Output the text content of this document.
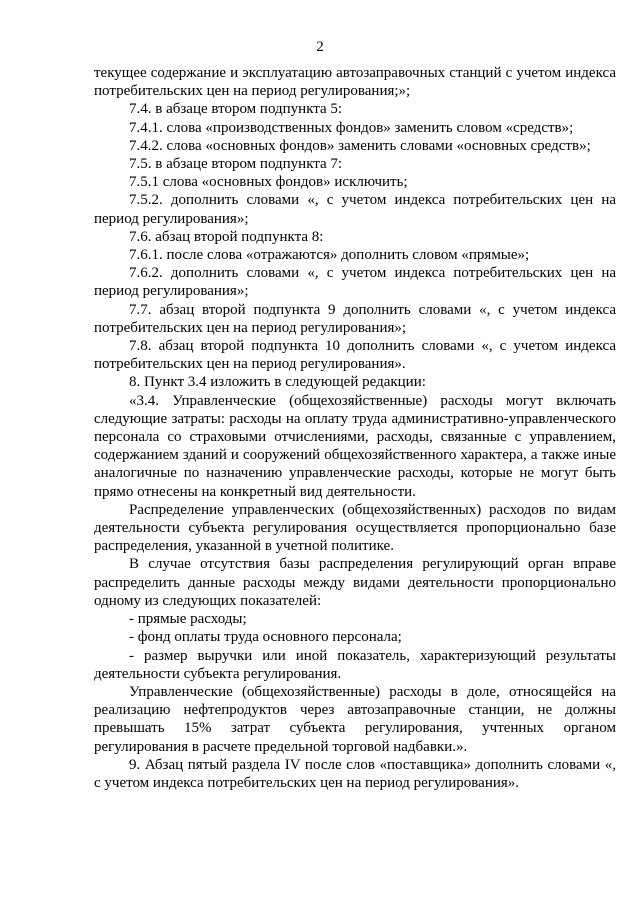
2

текущее содержание и эксплуатацию автозаправочных станций с учетом индекса потребительских цен на период регулирования;»;

7.4. в абзаце втором подпункта 5:

7.4.1. слова «производственных фондов» заменить словом «средств»;

7.4.2. слова «основных фондов» заменить словами «основных средств»;

7.5. в абзаце втором подпункта 7:

7.5.1 слова «основных фондов» исключить;

7.5.2. дополнить словами «, с учетом индекса потребительских цен на период регулирования»;

7.6. абзац второй подпункта 8:

7.6.1. после слова «отражаются» дополнить словом «прямые»;

7.6.2. дополнить словами «, с учетом индекса потребительских цен на период регулирования»;

7.7. абзац второй подпункта 9 дополнить словами «, с учетом индекса потребительских цен на период регулирования»;

7.8. абзац второй подпункта 10 дополнить словами «, с учетом индекса потребительских цен на период регулирования».

8. Пункт 3.4 изложить в следующей редакции:

«3.4. Управленческие (общехозяйственные) расходы могут включать следующие затраты: расходы на оплату труда административно-управленческого персонала со страховыми отчислениями, расходы, связанные с управлением, содержанием зданий и сооружений общехозяйственного характера, а также иные аналогичные по назначению управленческие расходы, которые не могут быть прямо отнесены на конкретный вид деятельности.

Распределение управленческих (общехозяйственных) расходов по видам деятельности субъекта регулирования осуществляется пропорционально базе распределения, указанной в учетной политике.

В случае отсутствия базы распределения регулирующий орган вправе распределить данные расходы между видами деятельности пропорционально одному из следующих показателей:

- прямые расходы;

- фонд оплаты труда основного персонала;

- размер выручки или иной показатель, характеризующий результаты деятельности субъекта регулирования.

Управленческие (общехозяйственные) расходы в доле, относящейся на реализацию нефтепродуктов через автозаправочные станции, не должны превышать 15% затрат субъекта регулирования, учтенных органом регулирования в расчете предельной торговой надбавки.».

9. Абзац пятый раздела IV после слов «поставщика» дополнить словами «, с учетом индекса потребительских цен на период регулирования».
